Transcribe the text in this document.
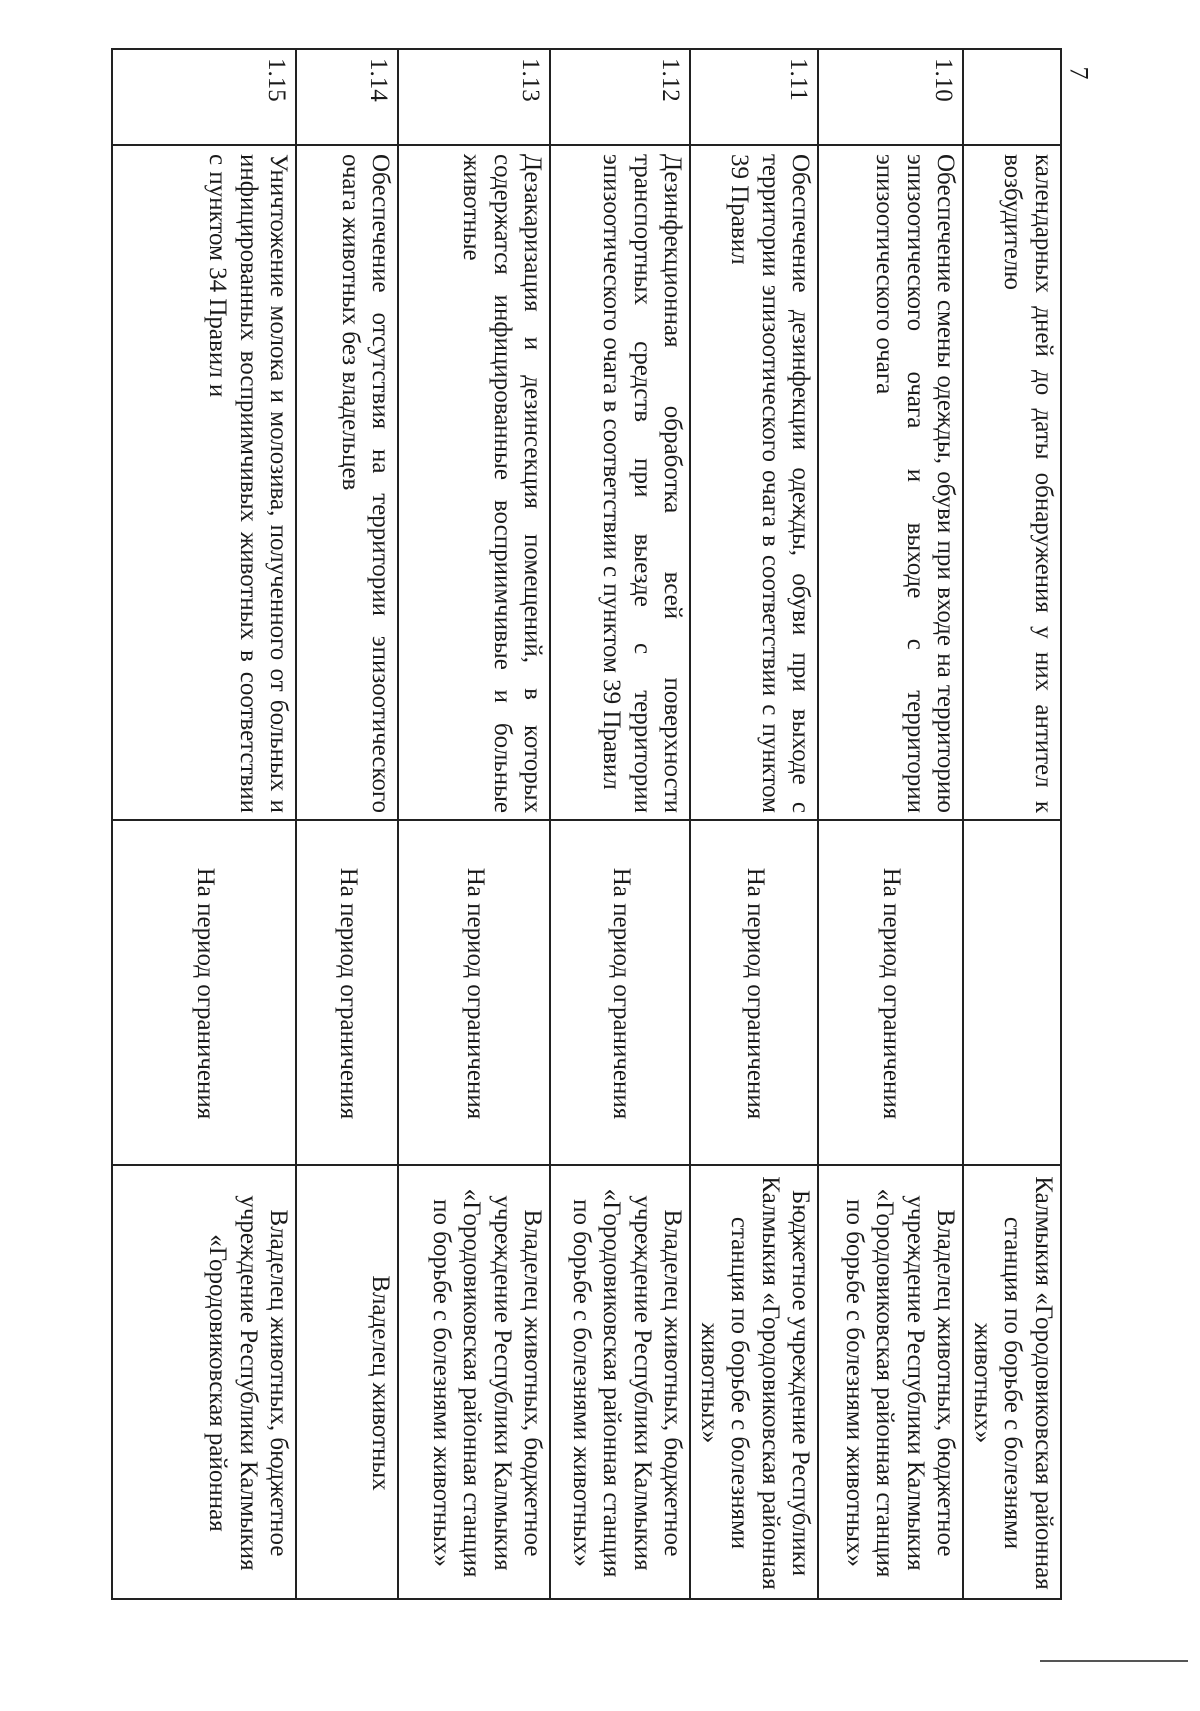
7
	календарных дней до даты обнаружения у них антител к возбудителю		Калмыкия «Городовиковская районная станция по борьбе с болезнями животных»
1.10	Обеспечение смены одежды, обуви при входе на территорию эпизоотического очага и выходе с территории эпизоотического очага	На период ограничения	Владелец животных, бюджетное учреждение Республики Калмыкия «Городовиковская районная станция по борьбе с болезнями животных»
1.11	Обеспечение дезинфекции одежды, обуви при выходе с территории эпизоотического очага в соответствии с пунктом 39 Правил	На период ограничения	Бюджетное учреждение Республики Калмыкия «Городовиковская районная станция по борьбе с болезнями животных»
1.12	Дезинфекционная обработка всей поверхности транспортных средств при выезде с территории эпизоотического очага в соответствии с пунктом 39 Правил	На период ограничения	Владелец животных, бюджетное учреждение Республики Калмыкия «Городовиковская районная станция по борьбе с болезнями животных»
1.13	Дезакаризация и дезинсекция помещений, в которых содержатся инфицированные восприимчивые и больные животные	На период ограничения	Владелец животных, бюджетное учреждение Республики Калмыкия «Городовиковская районная станция по борьбе с болезнями животных»
1.14	Обеспечение отсутствия на территории эпизоотического очага животных без владельцев	На период ограничения	Владелец животных
1.15	Уничтожение молока и молозива, полученного от больных и инфицированных восприимчивых животных в соответствии с пунктом 34 Правил и	На период ограничения	Владелец животных, бюджетное учреждение Республики Калмыкия «Городовиковская районная
